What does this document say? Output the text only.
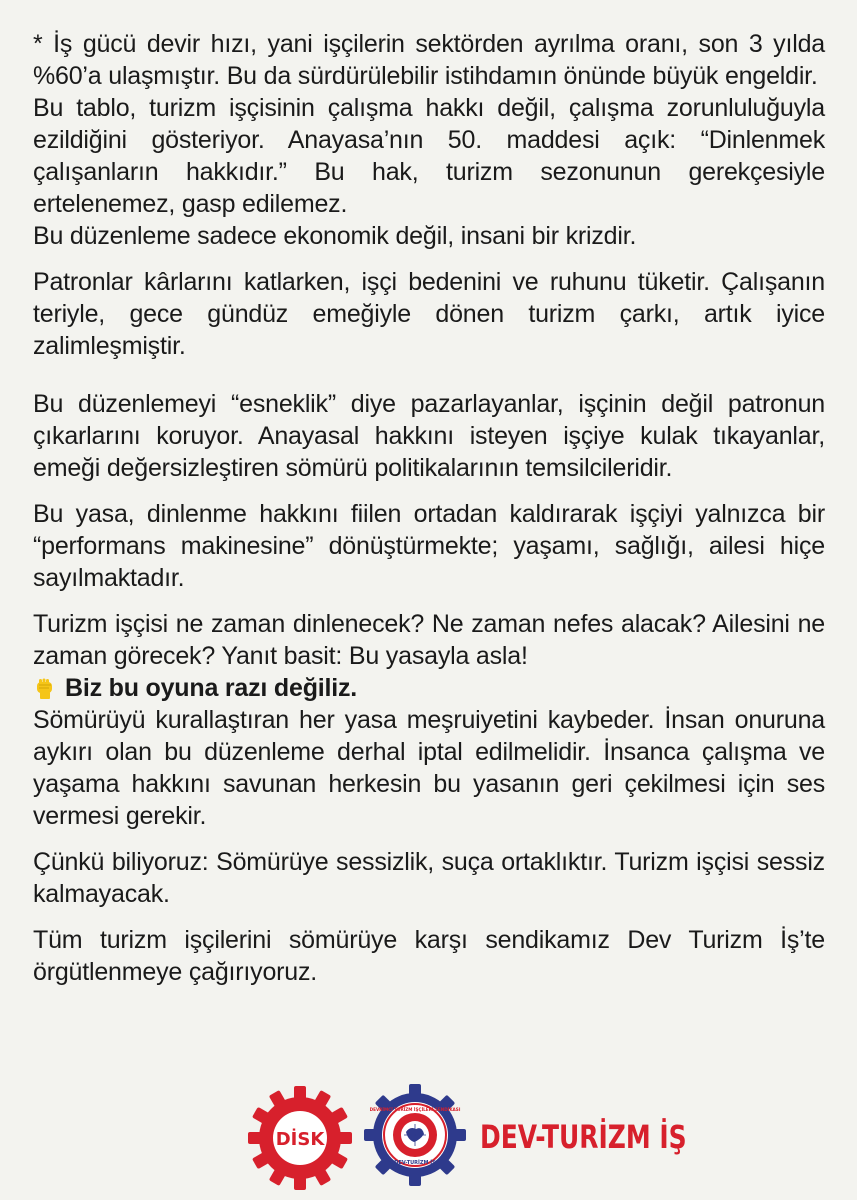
* İş gücü devir hızı, yani işçilerin sektörden ayrılma oranı, son 3 yılda %60’a ulaşmıştır. Bu da sürdürülebilir istihdamın önünde büyük engeldir.

Bu tablo, turizm işçisinin çalışma hakkı değil, çalışma zorunluluğuyla ezildiğini gösteriyor. Anayasa’nın 50. maddesi açık: “Dinlenmek çalışanların hakkıdır.” Bu hak, turizm sezonunun gerekçesiyle ertelenemez, gasp edilemez.

Bu düzenleme sadece ekonomik değil, insani bir krizdir.

Patronlar kârlarını katlarken, işçi bedenini ve ruhunu tüketir. Çalışanın teriyle, gece gündüz emeğiyle dönen turizm çarkı, artık iyice zalimleşmiştir.

Bu düzenlemeyi “esneklik” diye pazarlayanlar, işçinin değil patronun çıkarlarını koruyor. Anayasal hakkını isteyen işçiye kulak tıkayanlar, emeği değersizleştiren sömürü politikalarının temsilcileridir.

Bu yasa, dinlenme hakkını fiilen ortadan kaldırarak işçiyi yalnızca bir “performans makinesine” dönüştürmekte; yaşamı, sağlığı, ailesi hiçe sayılmaktadır.

Turizm işçisi ne zaman dinlenecek? Ne zaman nefes alacak? Ailesini ne zaman görecek? Yanıt basit: Bu yasayla asla!

Biz bu oyuna razı değiliz.

Sömürüyü kurallaştıran her yasa meşruiyetini kaybeder. İnsan onuruna aykırı olan bu düzenleme derhal iptal edilmelidir. İnsanca çalışma ve yaşama hakkını savunan herkesin bu yasanın geri çekilmesi için ses vermesi gerekir.

Çünkü biliyoruz: Sömürüye sessizlik, suça ortaklıktır. Turizm işçisi sessiz kalmayacak.

Tüm turizm işçilerini sömürüye karşı sendikamız Dev Turizm İş’te örgütlenmeye çağırıyoruz.

DİSK
DEVRİMCİ TURİZM İŞÇİLERİ SENDİKASI
DEV-TURİZM İŞ
DEV-TURİZM İŞ
